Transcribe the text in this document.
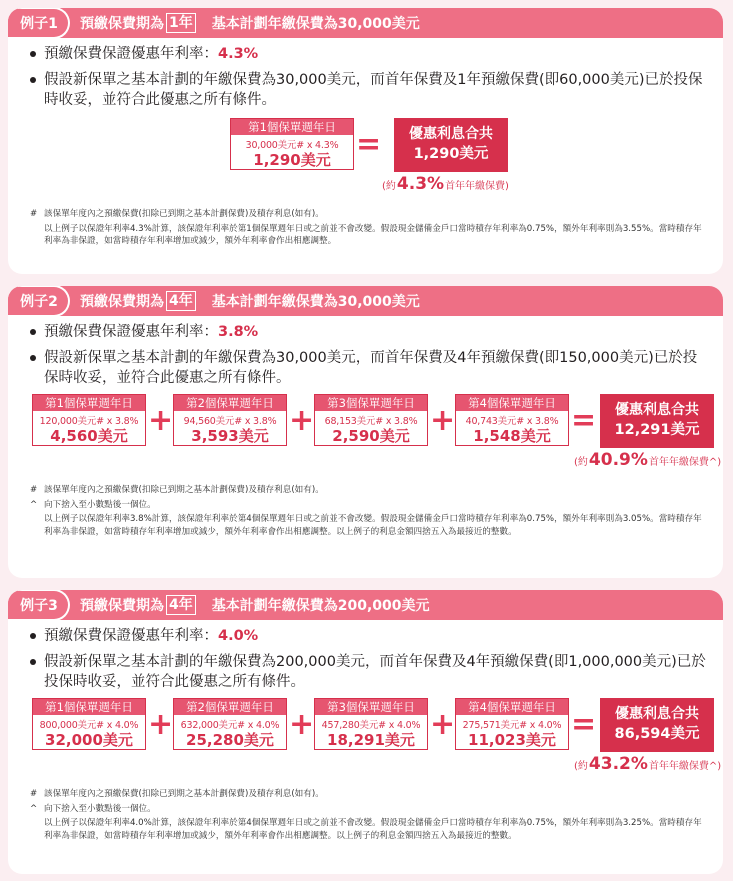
例子1	預繳保費期為 1年 基本計劃年繳保費為30,000美元
預繳保費保證優惠年利率：4.3%
假設新保單之基本計劃的年繳保費為30,000美元，而首年保費及1年預繳保費(即60,000美元)已於投保時收妥，並符合此優惠之所有條件。
第1個保單週年日
30,000美元# x 4.3%
1,290美元 =	優惠利息合共
1,290美元
(約 4.3% 首年年繳保費)
# 該保單年度內之預繳保費(扣除已到期之基本計劃保費)及積存利息(如有)。
以上例子以保證年利率4.3%計算，該保證年利率於第1個保單週年日或之前並不會改變。假設現金儲備金戶口當時積存年利率為0.75%，額外年利率則為3.55%。當時積存年利率為非保證，如當時積存年利率增加或減少，額外年利率會作出相應調整。
例子2	預繳保費期為 4年 基本計劃年繳保費為30,000美元
預繳保費保證優惠年利率：3.8%
假設新保單之基本計劃的年繳保費為30,000美元，而首年保費及4年預繳保費(即150,000美元)已於投保時收妥，並符合此優惠之所有條件。
第1個保單週年日
120,000美元# x 3.8%
4,560美元 +	第2個保單週年日
94,560美元# x 3.8%
3,593美元 +	第3個保單週年日
68,153美元# x 3.8%
2,590美元 +	第4個保單週年日
40,743美元# x 3.8%
1,548美元 =	優惠利息合共
12,291美元
(約 40.9% 首年年繳保費^)
# 該保單年度內之預繳保費(扣除已到期之基本計劃保費)及積存利息(如有)。
^ 向下捨入至小數點後一個位。
以上例子以保證年利率3.8%計算，該保證年利率於第4個保單週年日或之前並不會改變。假設現金儲備金戶口當時積存年利率為0.75%，額外年利率則為3.05%。當時積存年利率為非保證，如當時積存年利率增加或減少，額外年利率會作出相應調整。以上例子的利息金額四捨五入為最接近的整數。
例子3	預繳保費期為 4年 基本計劃年繳保費為200,000美元
預繳保費保證優惠年利率：4.0%
假設新保單之基本計劃的年繳保費為200,000美元，而首年保費及4年預繳保費(即1,000,000美元)已於投保時收妥，並符合此優惠之所有條件。
第1個保單週年日
800,000美元# x 4.0%
32,000美元 +	第2個保單週年日
632,000美元# x 4.0%
25,280美元 +	第3個保單週年日
457,280美元# x 4.0%
18,291美元 +	第4個保單週年日
275,571美元# x 4.0%
11,023美元 =	優惠利息合共
86,594美元
(約 43.2% 首年年繳保費^)
# 該保單年度內之預繳保費(扣除已到期之基本計劃保費)及積存利息(如有)。
^ 向下捨入至小數點後一個位。
以上例子以保證年利率4.0%計算，該保證年利率於第4個保單週年日或之前並不會改變。假設現金儲備金戶口當時積存年利率為0.75%，額外年利率則為3.25%。當時積存年利率為非保證，如當時積存年利率增加或減少，額外年利率會作出相應調整。以上例子的利息金額四捨五入為最接近的整數。
